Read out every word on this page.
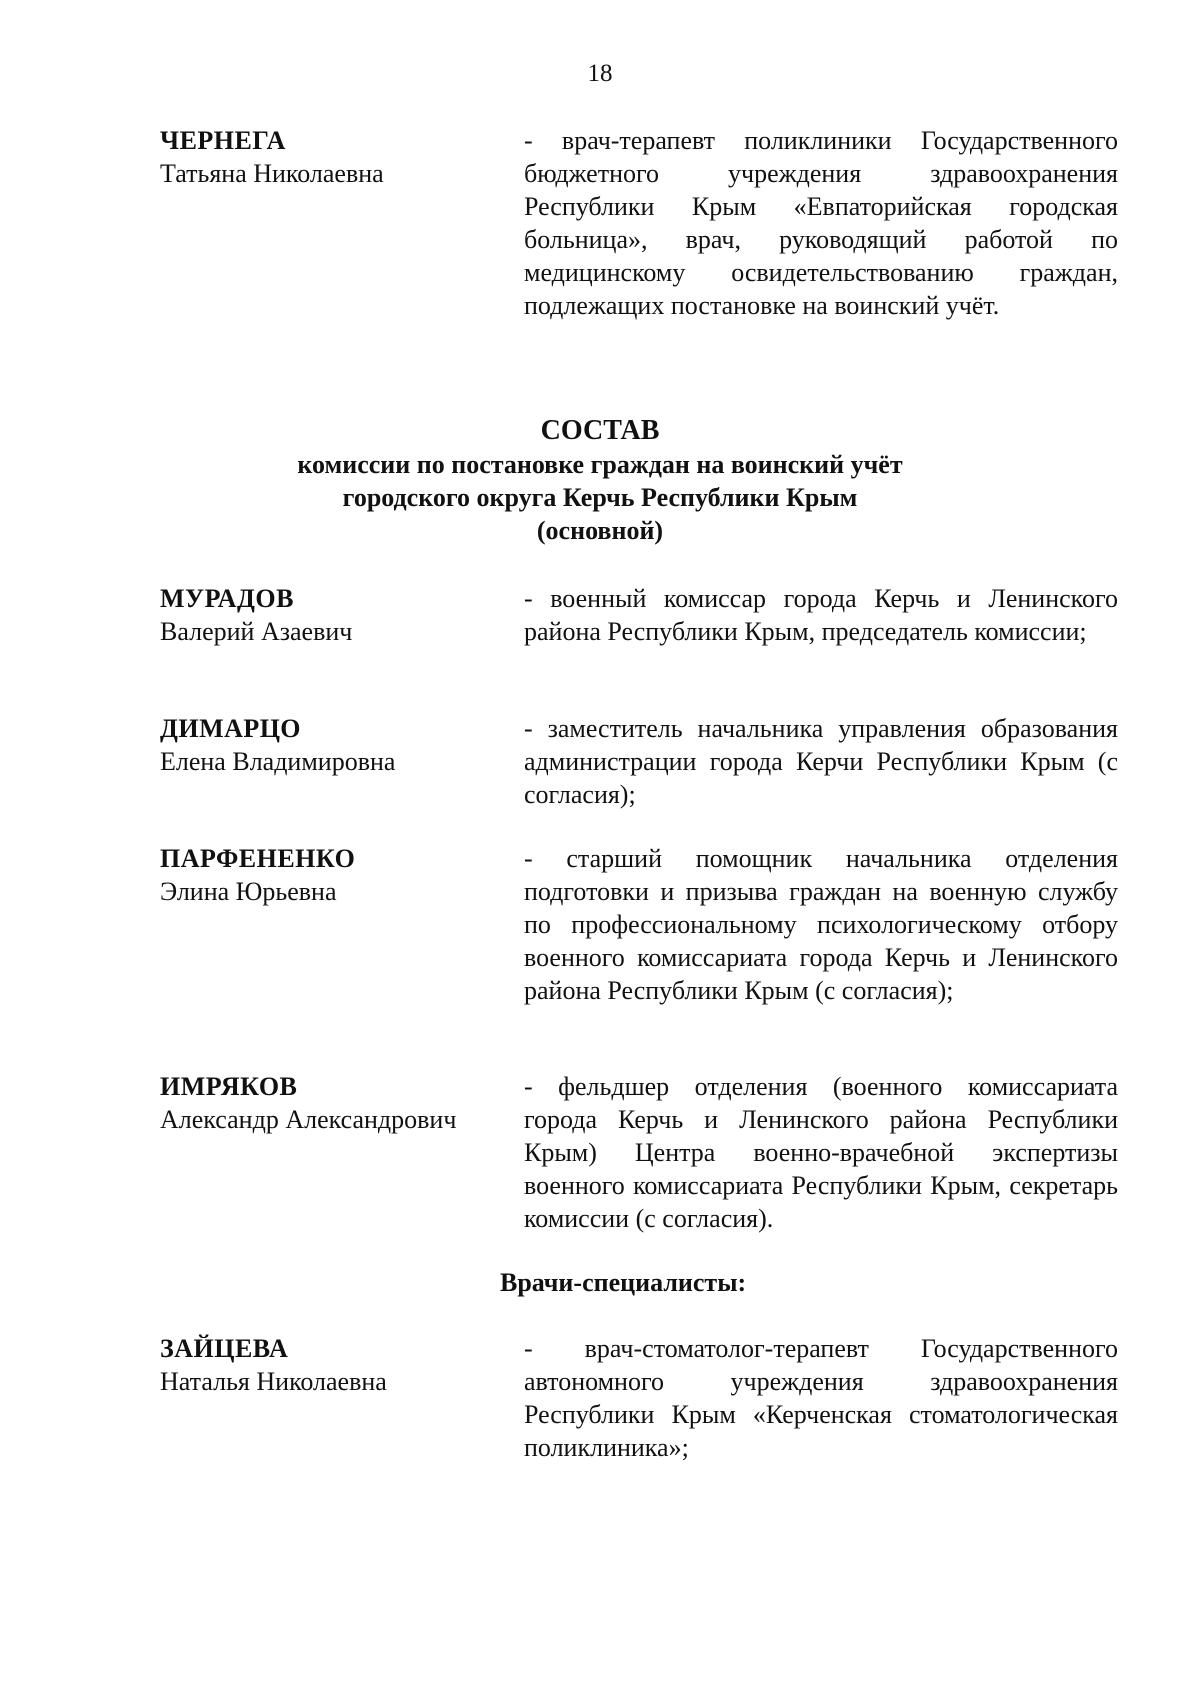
18
ЧЕРНЕГА
Татьяна Николаевна
- врач-терапевт поликлиники Государственного бюджетного учреждения здравоохранения Республики Крым «Евпаторийская городская больница», врач, руководящий работой по медицинскому освидетельствованию граждан, подлежащих постановке на воинский учёт.
СОСТАВ
комиссии по постановке граждан на воинский учёт
городского округа Керчь Республики Крым
(основной)
МУРАДОВ
Валерий Азаевич
- военный комиссар города Керчь и Ленинского района Республики Крым, председатель комиссии;
ДИМАРЦО
Елена Владимировна
- заместитель начальника управления образования администрации города Керчи Республики Крым (с согласия);
ПАРФЕНЕНКО
Элина Юрьевна
- старший помощник начальника отделения подготовки и призыва граждан на военную службу по профессиональному психологическому отбору военного комиссариата города Керчь и Ленинского района Республики Крым (с согласия);
ИМРЯКОВ
Александр Александрович
- фельдшер отделения (военного комиссариата города Керчь и Ленинского района Республики Крым) Центра военно-врачебной экспертизы военного комиссариата Республики Крым, секретарь комиссии (с согласия).
Врачи-специалисты:
ЗАЙЦЕВА
Наталья Николаевна
- врач-стоматолог-терапевт Государственного автономного учреждения здравоохранения Республики Крым «Керченская стоматологическая поликлиника»;
